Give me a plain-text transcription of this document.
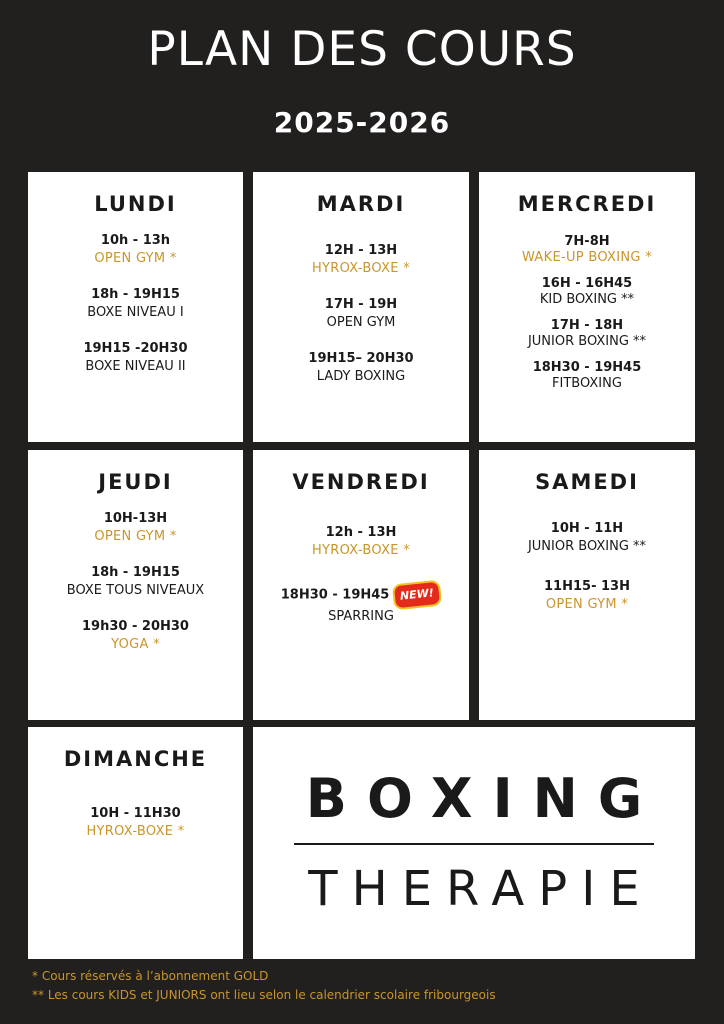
PLAN DES COURS
2025-2026
LUNDI
10h - 13h
OPEN GYM *
18h - 19H15
BOXE NIVEAU I
19H15 -20H30
BOXE NIVEAU II
MARDI
12H - 13H
HYROX-BOXE *
17H - 19H
OPEN GYM
19H15– 20H30
LADY BOXING
MERCREDI
7H-8H
WAKE-UP BOXING *
16H - 16H45
KID BOXING **
17H - 18H
JUNIOR BOXING **
18H30 - 19H45
FITBOXING
JEUDI
10H-13H
OPEN GYM *
18h - 19H15
BOXE TOUS NIVEAUX
19h30 - 20H30
YOGA *
VENDREDI
12h - 13H
HYROX-BOXE *
18H30 - 19H45 NEW!
SPARRING
SAMEDI
10H - 11H
JUNIOR BOXING **
11H15- 13H
OPEN GYM *
DIMANCHE
10H - 11H30
HYROX-BOXE *
BOXING
THERAPIE
* Cours réservés à l’abonnement GOLD
** Les cours KIDS et JUNIORS ont lieu selon le calendrier scolaire fribourgeois
